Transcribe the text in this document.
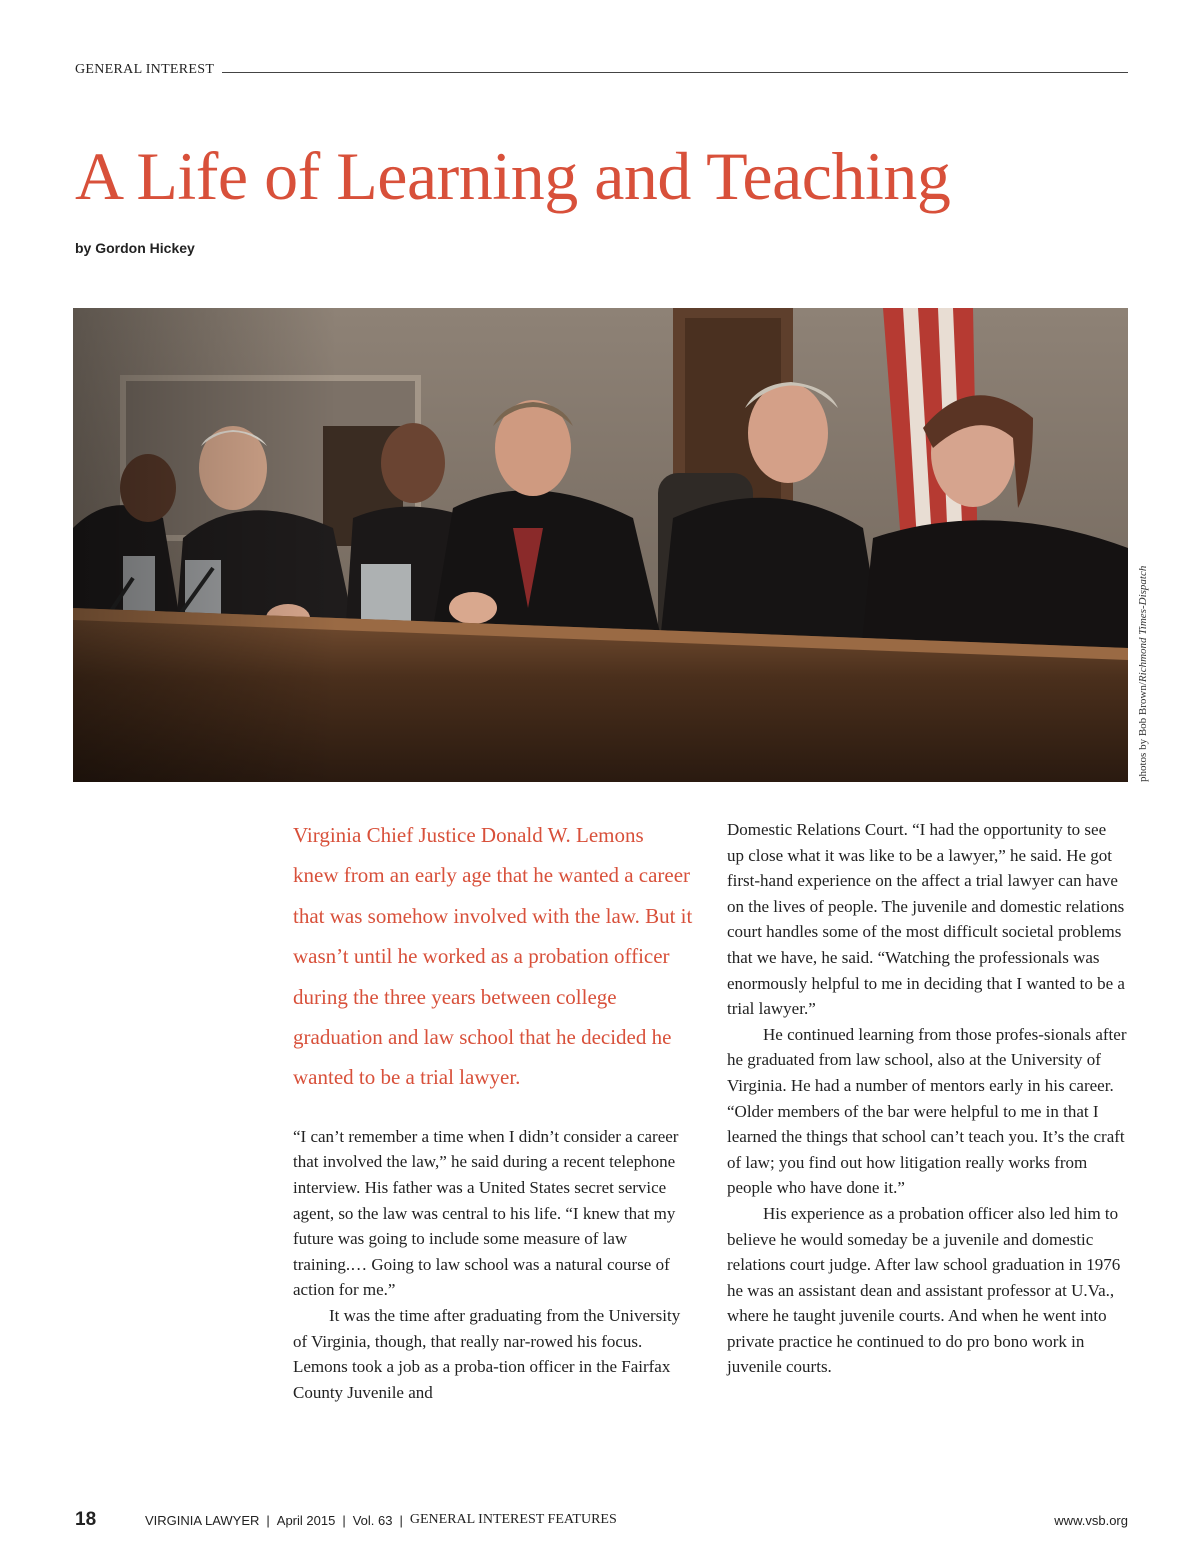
GENERAL INTEREST
A Life of Learning and Teaching
by Gordon Hickey
photos by Bob Brown/Richmond Times-Dispatch

Virginia Chief Justice Donald W. Lemons knew from an early age that he wanted a career that was somehow involved with the law. But it wasn’t until he worked as a probation officer during the three years between college graduation and law school that he decided he wanted to be a trial lawyer.

“I can’t remember a time when I didn’t consider a career that involved the law,” he said during a recent telephone interview. His father was a United States secret service agent, so the law was central to his life. “I knew that my future was going to include some measure of law training.… Going to law school was a natural course of action for me.”

It was the time after graduating from the University of Virginia, though, that really nar-rowed his focus. Lemons took a job as a proba-tion officer in the Fairfax County Juvenile and

Domestic Relations Court. “I had the opportunity to see up close what it was like to be a lawyer,” he said. He got first-hand experience on the affect a trial lawyer can have on the lives of people. The juvenile and domestic relations court handles some of the most difficult societal problems that we have, he said. “Watching the professionals was enormously helpful to me in deciding that I wanted to be a trial lawyer.”

He continued learning from those profes-sionals after he graduated from law school, also at the University of Virginia. He had a number of mentors early in his career. “Older members of the bar were helpful to me in that I learned the things that school can’t teach you. It’s the craft of law; you find out how litigation really works from people who have done it.”

His experience as a probation officer also led him to believe he would someday be a juvenile and domestic relations court judge. After law school graduation in 1976 he was an assistant dean and assistant professor at U.Va., where he taught juvenile courts. And when he went into private practice he continued to do pro bono work in juvenile courts.

18	VIRGINIA LAWYER | April 2015 | Vol. 63 | GENERAL INTEREST FEATURES	www.vsb.org
